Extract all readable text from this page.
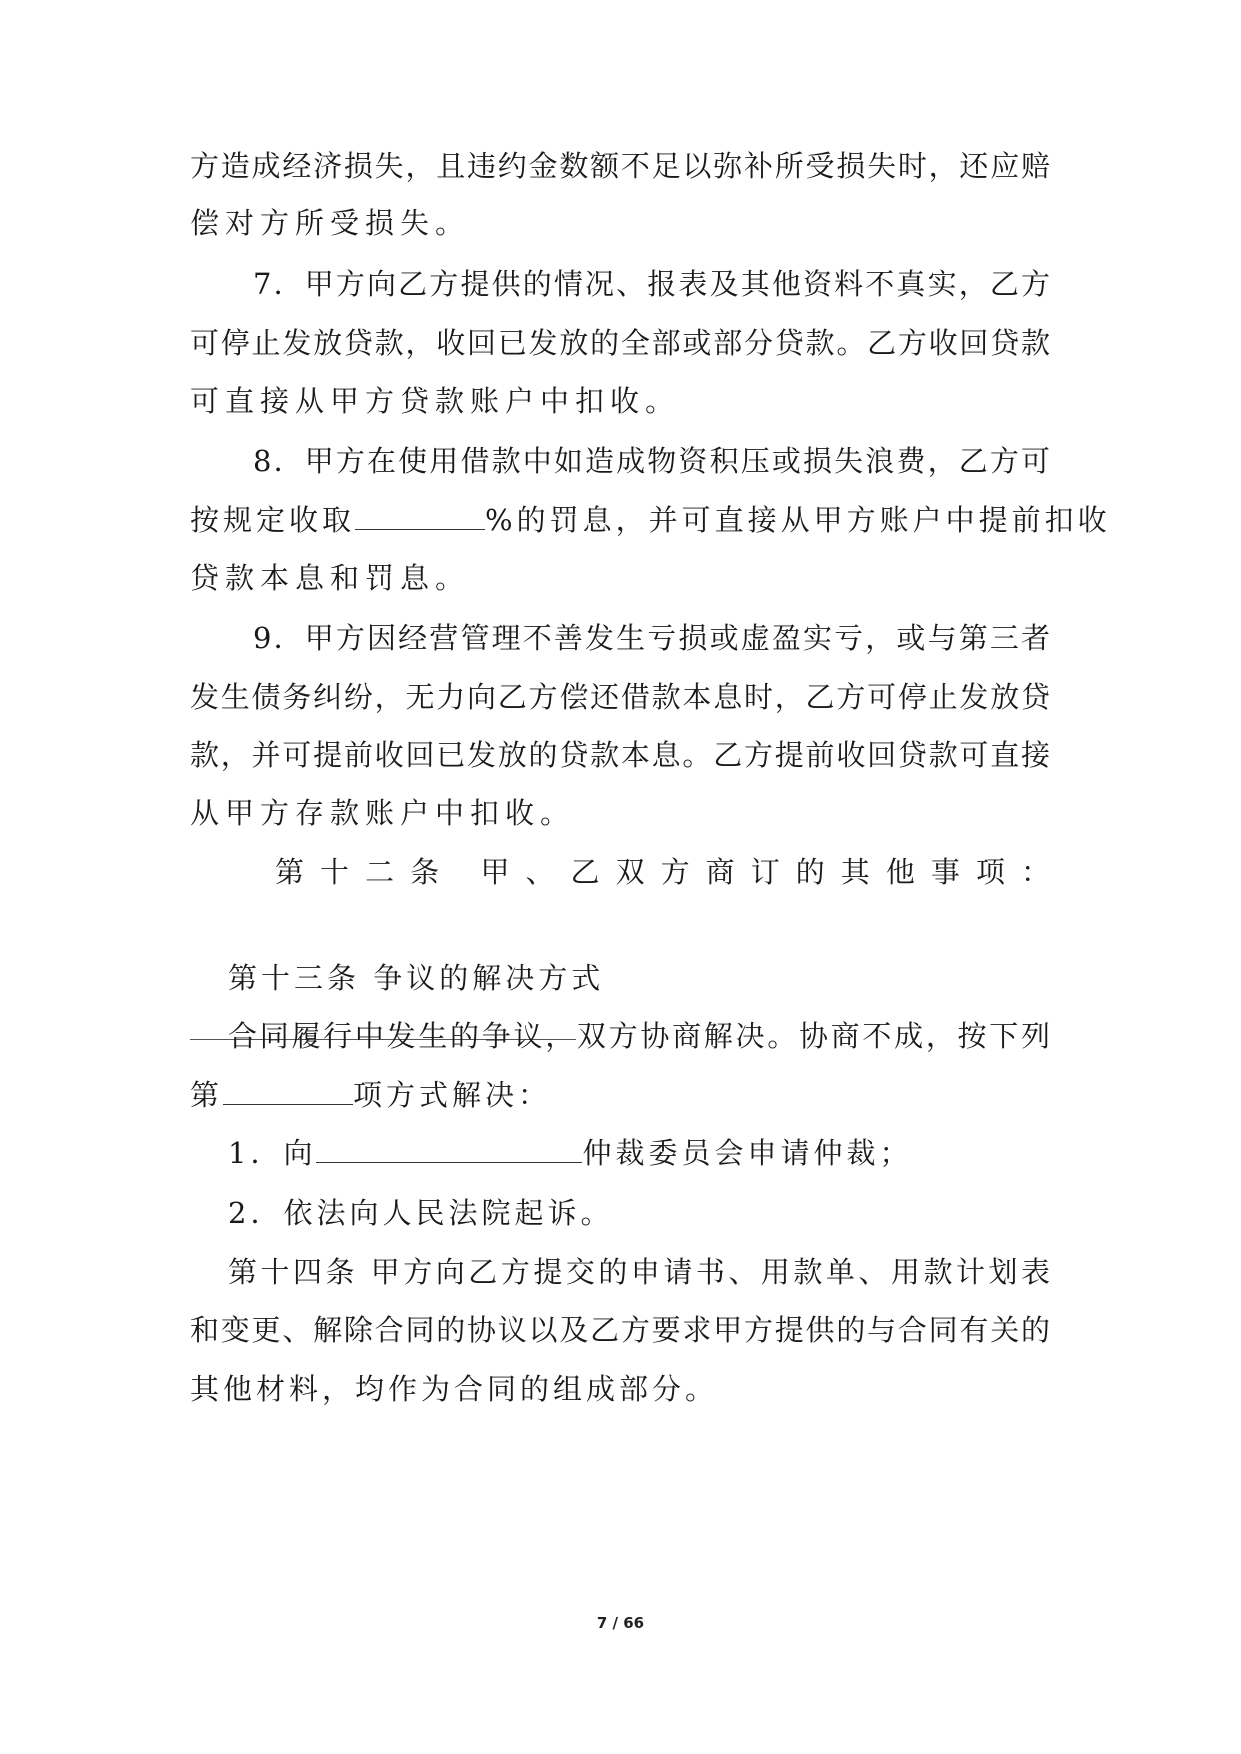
方造成经济损失，且违约金数额不足以弥补所受损失时，还应赔
偿对方所受损失。
7．甲方向乙方提供的情况、报表及其他资料不真实，乙方
可停止发放贷款，收回已发放的全部或部分贷款。乙方收回贷款
可直接从甲方贷款账户中扣收。
8．甲方在使用借款中如造成物资积压或损失浪费，乙方可
按规定收取	%的罚息，并可直接从甲方账户中提前扣收
贷款本息和罚息。
9．甲方因经营管理不善发生亏损或虚盈实亏，或与第三者
发生债务纠纷，无力向乙方偿还借款本息时，乙方可停止发放贷
款，并可提前收回已发放的贷款本息。乙方提前收回贷款可直接
从甲方存款账户中扣收。
第十二条 甲、乙双方商订的其他事项：
第十三条 争议的解决方式
合同履行中发生的争议，双方协商解决。协商不成，按下列
第	项方式解决：
1．向	仲裁委员会申请仲裁；
2．依法向人民法院起诉。
第十四条 甲方向乙方提交的申请书、用款单、用款计划表
和变更、解除合同的协议以及乙方要求甲方提供的与合同有关的
其他材料，均作为合同的组成部分。
7 / 66
